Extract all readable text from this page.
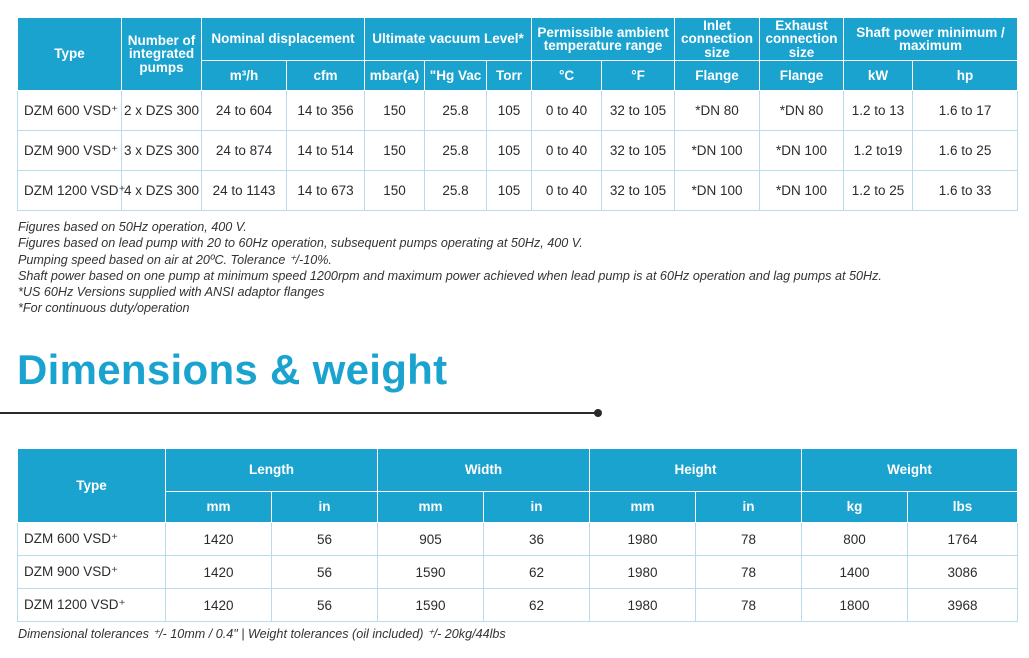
Type	Number of integrated pumps	Nominal displacement		Ultimate vacuum Level*			Permissible ambient temperature range		Inlet connection size	Exhaust connection size	Shaft power minimum / maximum	
		m³/h	cfm	mbar(a)	"Hg Vac	Torr	°C	°F	Flange	Flange	kW	hp
DZM 600 VSD⁺	2 x DZS 300	24 to 604	14 to 356	150	25.8	105	0 to 40	32 to 105	*DN 80	*DN 80	1.2 to 13	1.6 to 17
DZM 900 VSD⁺	3 x DZS 300	24 to 874	14 to 514	150	25.8	105	0 to 40	32 to 105	*DN 100	*DN 100	1.2 to19	1.6 to 25
DZM 1200 VSD⁺	4 x DZS 300	24 to 1143	14 to 673	150	25.8	105	0 to 40	32 to 105	*DN 100	*DN 100	1.2 to 25	1.6 to 33
Figures based on 50Hz operation, 400 V.
Figures based on lead pump with 20 to 60Hz operation, subsequent pumps operating at 50Hz, 400 V.
Pumping speed based on air at 20ºC. Tolerance ⁺/-10%.
Shaft power based on one pump at minimum speed 1200rpm and maximum power achieved when lead pump is at 60Hz operation and lag pumps at 50Hz.
*US 60Hz Versions supplied with ANSI adaptor flanges
*For continuous duty/operation
Dimensions & weight
Type	Length		Width		Height		Weight	
	mm	in	mm	in	mm	in	kg	lbs
DZM 600 VSD⁺	1420	56	905	36	1980	78	800	1764
DZM 900 VSD⁺	1420	56	1590	62	1980	78	1400	3086
DZM 1200 VSD⁺	1420	56	1590	62	1980	78	1800	3968

Dimensional tolerances ⁺/- 10mm / 0.4" | Weight tolerances (oil included) ⁺/- 20kg/44lbs
